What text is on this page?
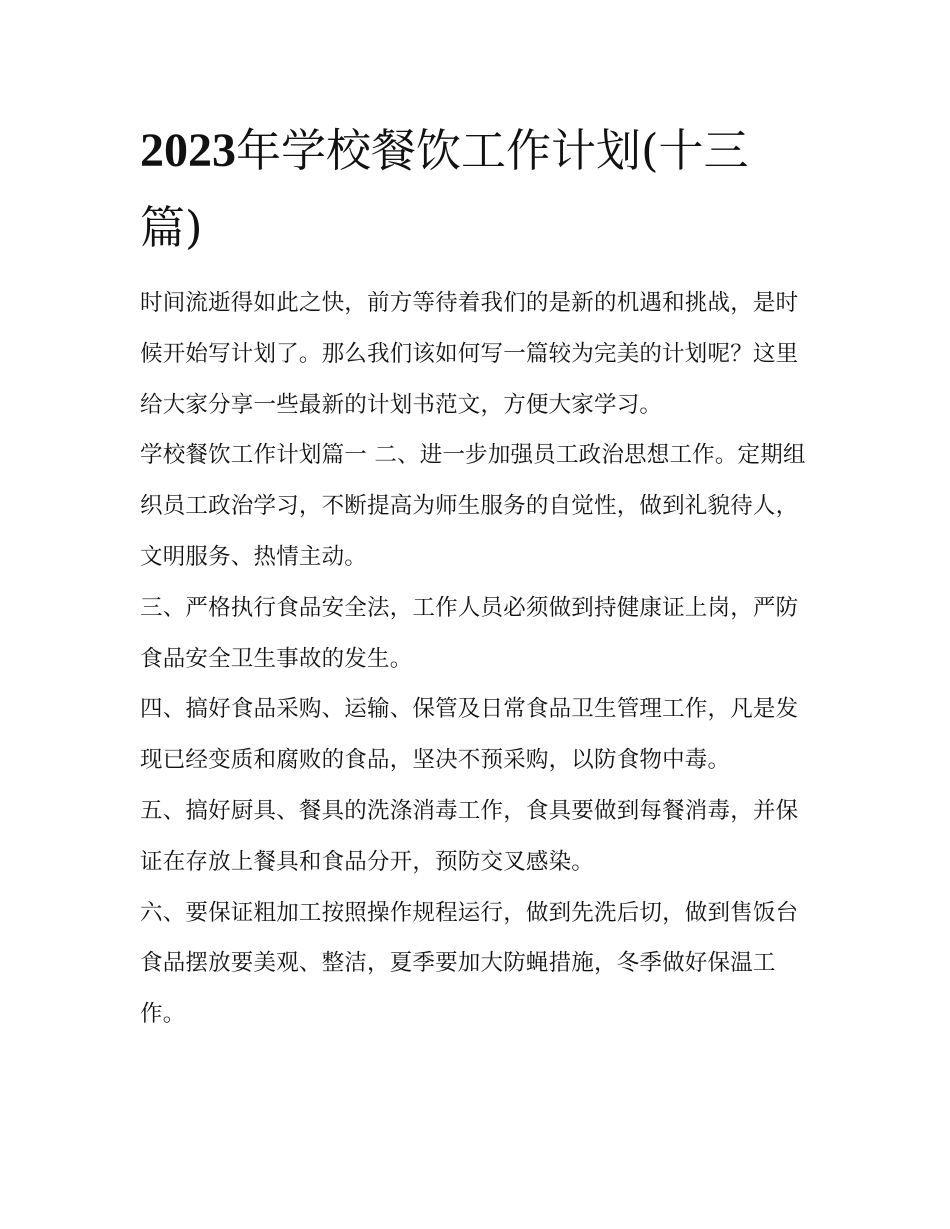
2023年学校餐饮工作计划(十三篇)

时间流逝得如此之快，前方等待着我们的是新的机遇和挑战，是时候开始写计划了。那么我们该如何写一篇较为完美的计划呢？这里给大家分享一些最新的计划书范文，方便大家学习。

学校餐饮工作计划篇一 二、进一步加强员工政治思想工作。定期组织员工政治学习，不断提高为师生服务的自觉性，做到礼貌待人，文明服务、热情主动。

三、严格执行食品安全法，工作人员必须做到持健康证上岗，严防食品安全卫生事故的发生。

四、搞好食品采购、运输、保管及日常食品卫生管理工作，凡是发现已经变质和腐败的食品，坚决不预采购，以防食物中毒。

五、搞好厨具、餐具的洗涤消毒工作，食具要做到每餐消毒，并保证在存放上餐具和食品分开，预防交叉感染。

六、要保证粗加工按照操作规程运行，做到先洗后切，做到售饭台食品摆放要美观、整洁，夏季要加大防蝇措施，冬季做好保温工作。
